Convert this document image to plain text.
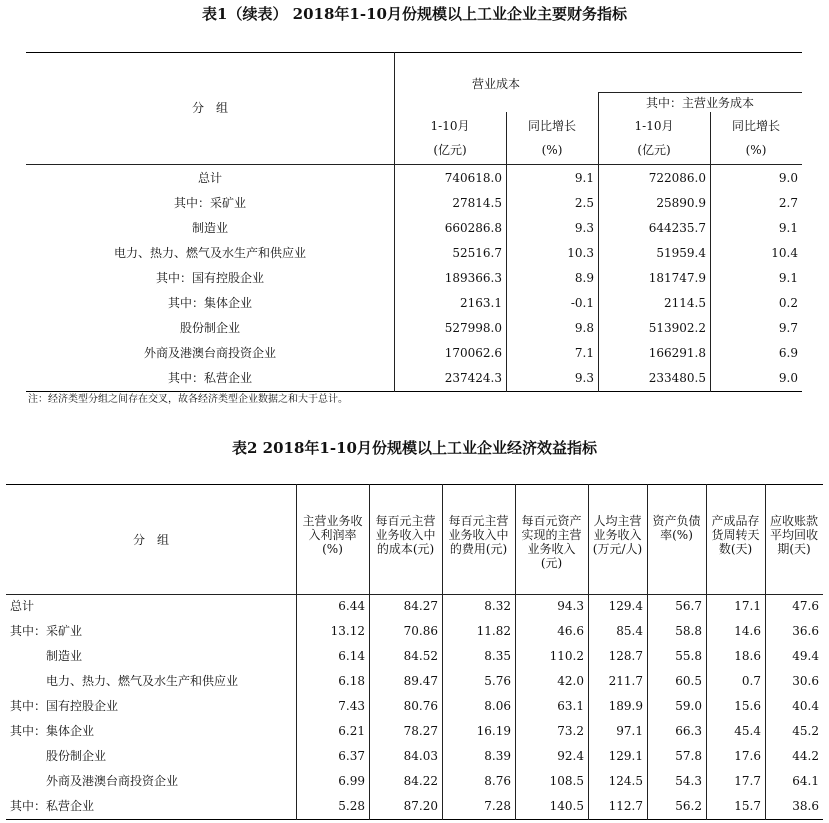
表1（续表） 2018年1-10月份规模以上工业企业主要财务指标
分　组
营业成本
其中：主营业务成本
1-10月
(亿元)
同比增长
(%)
1-10月
(亿元)
同比增长
(%)
总计	740618.0	9.1	722086.0	9.0
其中：采矿业	27814.5	2.5	25890.9	2.7
制造业	660286.8	9.3	644235.7	9.1
电力、热力、燃气及水生产和供应业	52516.7	10.3	51959.4	10.4
其中：国有控股企业	189366.3	8.9	181747.9	9.1
其中：集体企业	2163.1	-0.1	2114.5	0.2
股份制企业	527998.0	9.8	513902.2	9.7
外商及港澳台商投资企业	170062.6	7.1	166291.8	6.9
其中：私营企业	237424.3	9.3	233480.5	9.0
注：经济类型分组之间存在交叉，故各经济类型企业数据之和大于总计。
表2 2018年1-10月份规模以上工业企业经济效益指标
分　组
主营业务收入利润率(%)
每百元主营业务收入中的成本(元)
每百元主营业务收入中的费用(元)
每百元资产实现的主营业务收入(元)
人均主营业务收入(万元/人)
资产负债率(%)
产成品存货周转天数(天)
应收账款平均回收期(天)
总计	6.44	84.27	8.32	94.3	129.4	56.7	17.1	47.6
其中： 采矿业	13.12	70.86	11.82	46.6	85.4	58.8	14.6	36.6
制造业	6.14	84.52	8.35	110.2	128.7	55.8	18.6	49.4
电力、热力、燃气及水生产和供应业	6.18	89.47	5.76	42.0	211.7	60.5	0.7	30.6
其中： 国有控股企业	7.43	80.76	8.06	63.1	189.9	59.0	15.6	40.4
其中： 集体企业	6.21	78.27	16.19	73.2	97.1	66.3	45.4	45.2
股份制企业	6.37	84.03	8.39	92.4	129.1	57.8	17.6	44.2
外商及港澳台商投资企业	6.99	84.22	8.76	108.5	124.5	54.3	17.7	64.1
其中： 私营企业	5.28	87.20	7.28	140.5	112.7	56.2	15.7	38.6
